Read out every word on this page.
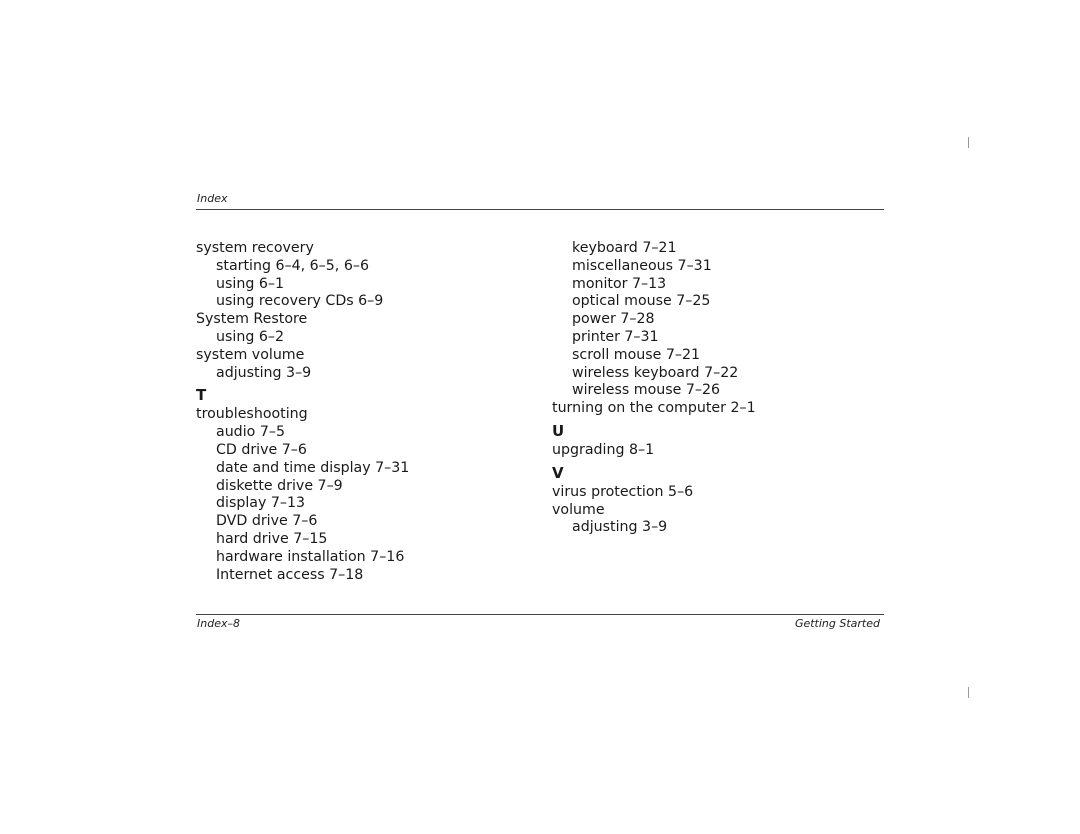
Index
system recovery
starting 6–4, 6–5, 6–6
using 6–1
using recovery CDs 6–9
System Restore
using 6–2
system volume
adjusting 3–9
T
troubleshooting
audio 7–5
CD drive 7–6
date and time display 7–31
diskette drive 7–9
display 7–13
DVD drive 7–6
hard drive 7–15
hardware installation 7–16
Internet access 7–18
keyboard 7–21
miscellaneous 7–31
monitor 7–13
optical mouse 7–25
power 7–28
printer 7–31
scroll mouse 7–21
wireless keyboard 7–22
wireless mouse 7–26
turning on the computer 2–1
U
upgrading 8–1
V
virus protection 5–6
volume
adjusting 3–9
Index–8	Getting Started
